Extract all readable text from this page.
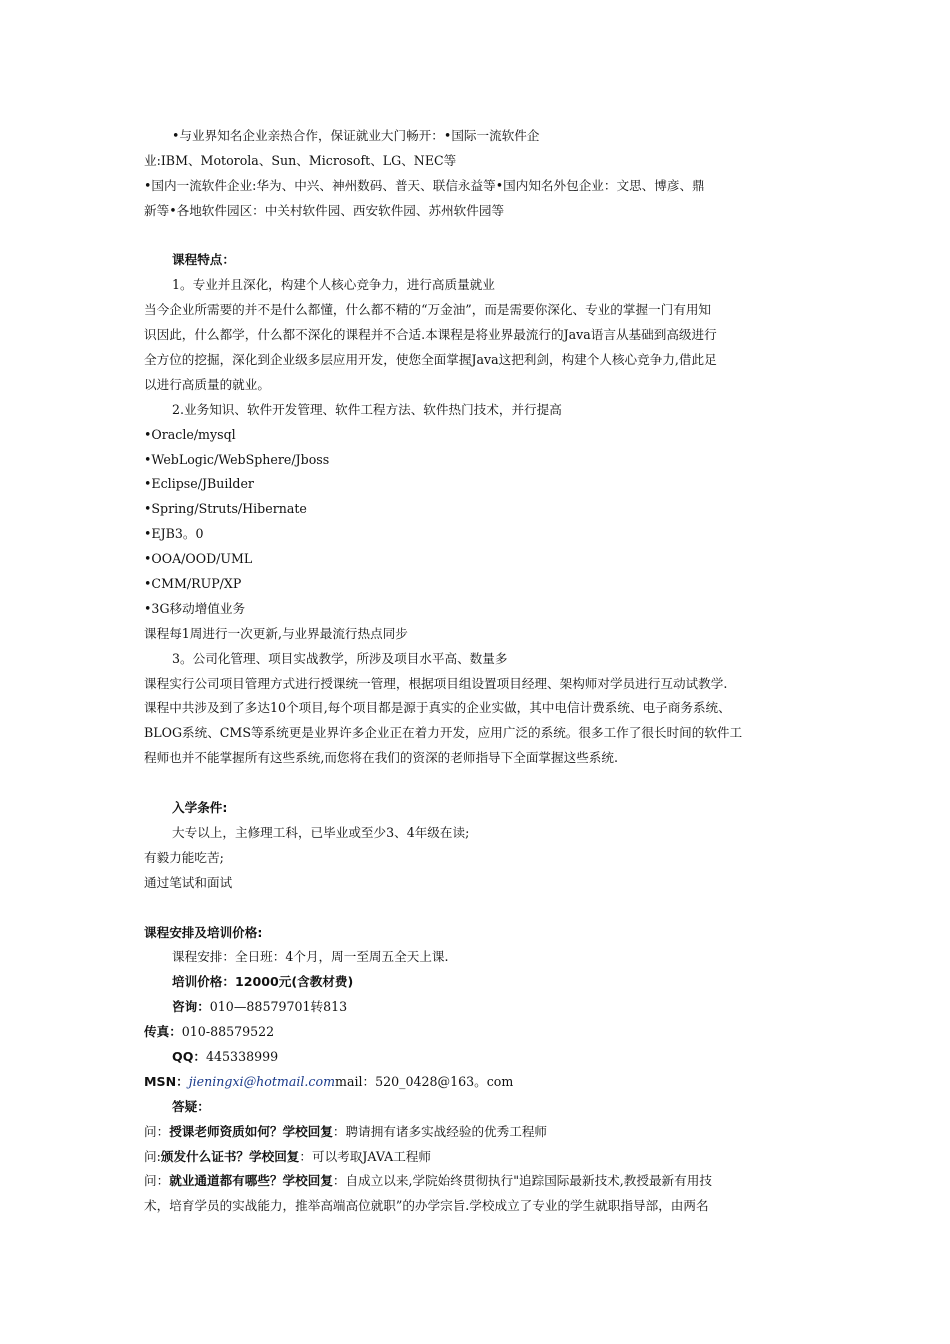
•与业界知名企业亲热合作，保证就业大门畅开：•国际一流软件企
业:IBM、Motorola、Sun、Microsoft、LG、NEC等
•国内一流软件企业:华为、中兴、神州数码、普天、联信永益等•国内知名外包企业：文思、博彦、鼎
新等•各地软件园区：中关村软件园、西安软件园、苏州软件园等
课程特点：
1。专业并且深化，构建个人核心竞争力，进行高质量就业
当今企业所需要的并不是什么都懂，什么都不精的“万金油”，而是需要你深化、专业的掌握一门有用知
识因此，什么都学，什么都不深化的课程并不合适.本课程是将业界最流行的Java语言从基础到高级进行
全方位的挖掘，深化到企业级多层应用开发，使您全面掌握Java这把利剑，构建个人核心竞争力,借此足
以进行高质量的就业。
2.业务知识、软件开发管理、软件工程方法、软件热门技术，并行提高
•Oracle/mysql
•WebLogic/WebSphere/Jboss
•Eclipse/JBuilder
•Spring/Struts/Hibernate
•EJB3。0
•OOA/OOD/UML
•CMM/RUP/XP
•3G移动增值业务
课程每1周进行一次更新,与业界最流行热点同步
3。公司化管理、项目实战教学，所涉及项目水平高、数量多
课程实行公司项目管理方式进行授课统一管理，根据项目组设置项目经理、架构师对学员进行互动试教学.
课程中共涉及到了多达10个项目,每个项目都是源于真实的企业实做，其中电信计费系统、电子商务系统、
BLOG系统、CMS等系统更是业界许多企业正在着力开发，应用广泛的系统。很多工作了很长时间的软件工
程师也并不能掌握所有这些系统,而您将在我们的资深的老师指导下全面掌握这些系统.
入学条件:
大专以上，主修理工科，已毕业或至少3、4年级在读;
有毅力能吃苦;
通过笔试和面试
课程安排及培训价格:
课程安排：全日班：4个月，周一至周五全天上课.
培训价格：12000元(含教材费)
咨询：010—88579701转813
传真：010-88579522
QQ：445338999
MSN：jieningxi@hotmail.commail：520_0428@163。com
答疑：
问：授课老师资质如何？学校回复：聘请拥有诸多实战经验的优秀工程师
问:颁发什么证书？学校回复：可以考取JAVA工程师
问：就业通道都有哪些？学校回复：自成立以来,学院始终贯彻执行"追踪国际最新技术,教授最新有用技
术，培育学员的实战能力，推举高端高位就职”的办学宗旨.学校成立了专业的学生就职指导部，由两名
